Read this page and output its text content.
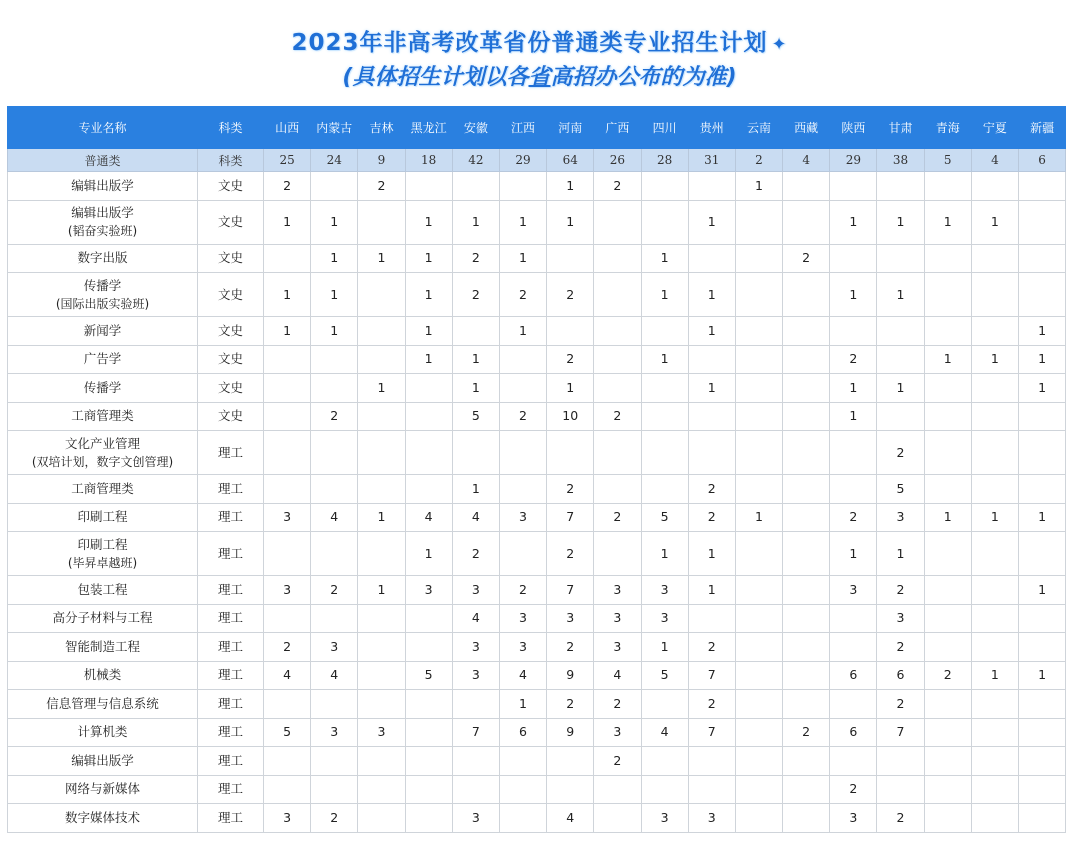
2023年非高考改革省份普通类专业招生计划 ✦
(具体招生计划以各省高招办公布的为准)
专业名称	科类	山西	内蒙古	吉林	黑龙江	安徽	江西	河南	广西	四川	贵州	云南	西藏	陕西	甘肃	青海	宁夏	新疆
普通类	科类	25	24	9	18	42	29	64	26	28	31	2	4	29	38	5	4	6

编辑出版学	文史	2		2				1	2			1						

编辑出版学
(韬奋实验班)	文史	1	1		1	1	1	1			1			1	1	1	1	

数字出版	文史		1	1	1	2	1			1			2					

传播学
(国际出版实验班)	文史	1	1		1	2	2	2		1	1			1	1			

新闻学	文史	1	1		1		1				1							1

广告学	文史				1	1		2		1				2		1	1	1

传播学	文史			1		1		1			1			1	1			1

工商管理类	文史		2			5	2	10	2					1				

文化产业管理
(双培计划，数字文创管理)	理工														2			

工商管理类	理工					1		2			2				5			

印刷工程	理工	3	4	1	4	4	3	7	2	5	2	1		2	3	1	1	1

印刷工程
(毕昇卓越班)	理工				1	2		2		1	1			1	1			

包装工程	理工	3	2	1	3	3	2	7	3	3	1			3	2			1

高分子材料与工程	理工					4	3	3	3	3					3			

智能制造工程	理工	2	3			3	3	2	3	1	2				2			

机械类	理工	4	4		5	3	4	9	4	5	7			6	6	2	1	1

信息管理与信息系统	理工						1	2	2		2				2			

计算机类	理工	5	3	3		7	6	9	3	4	7		2	6	7			

编辑出版学	理工								2									

网络与新媒体	理工													2				

数字媒体技术	理工	3	2			3		4		3	3			3	2			
